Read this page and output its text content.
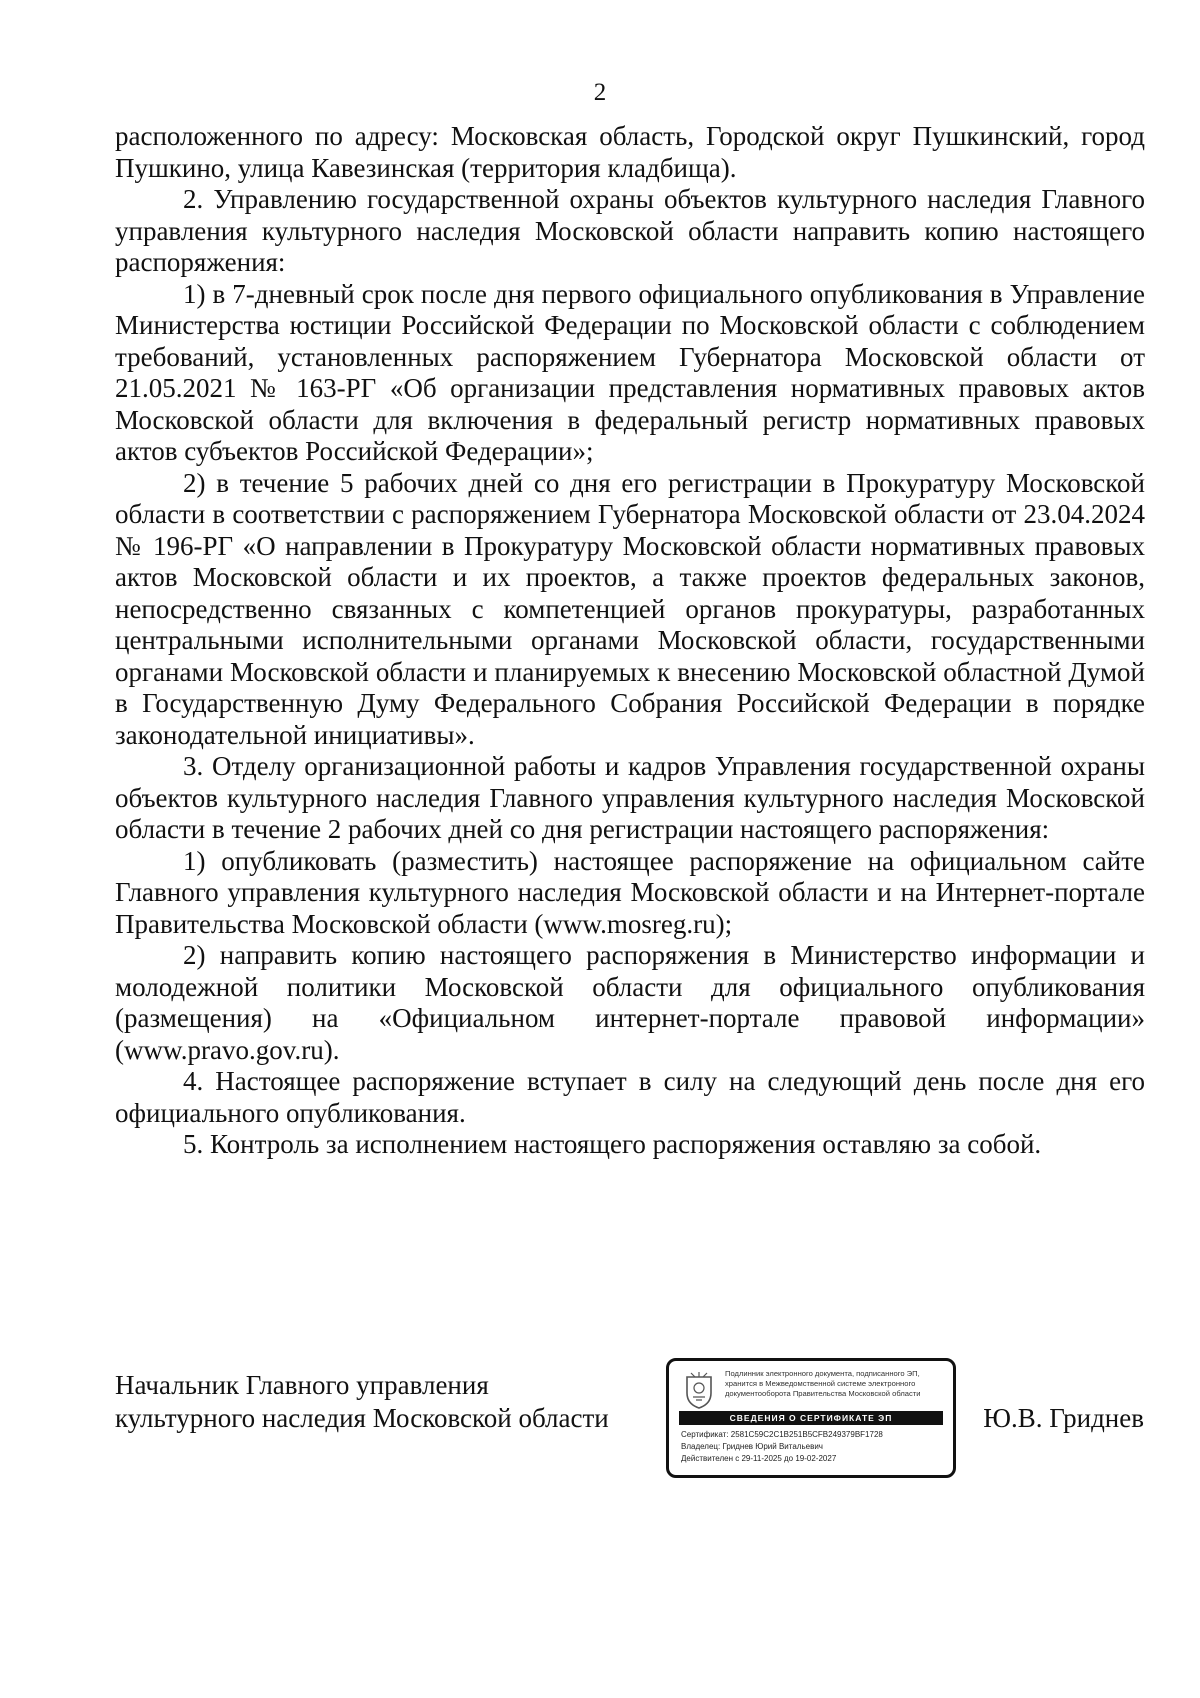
2

расположенного по адресу: Московская область, Городской округ Пушкинский, город Пушкино, улица Кавезинская (территория кладбища).

2. Управлению государственной охраны объектов культурного наследия Главного управления культурного наследия Московской области направить копию настоящего распоряжения:

1) в 7-дневный срок после дня первого официального опубликования в Управление Министерства юстиции Российской Федерации по Московской области с соблюдением требований, установленных распоряжением Губернатора Московской области от 21.05.2021 № 163-РГ «Об организации представления нормативных правовых актов Московской области для включения в федеральный регистр нормативных правовых актов субъектов Российской Федерации»;

2) в течение 5 рабочих дней со дня его регистрации в Прокуратуру Московской области в соответствии с распоряжением Губернатора Московской области от 23.04.2024 № 196-РГ «О направлении в Прокуратуру Московской области нормативных правовых актов Московской области и их проектов, а также проектов федеральных законов, непосредственно связанных с компетенцией органов прокуратуры, разработанных центральными исполнительными органами Московской области, государственными органами Московской области и планируемых к внесению Московской областной Думой в Государственную Думу Федерального Собрания Российской Федерации в порядке законодательной инициативы».

3. Отделу организационной работы и кадров Управления государственной охраны объектов культурного наследия Главного управления культурного наследия Московской области в течение 2 рабочих дней со дня регистрации настоящего распоряжения:

1) опубликовать (разместить) настоящее распоряжение на официальном сайте Главного управления культурного наследия Московской области и на Интернет-портале Правительства Московской области (www.mosreg.ru);

2) направить копию настоящего распоряжения в Министерство информации и молодежной политики Московской области для официального опубликования (размещения) на «Официальном интернет-портале правовой информации» (www.pravo.gov.ru).

4. Настоящее распоряжение вступает в силу на следующий день после дня его официального опубликования.

5. Контроль за исполнением настоящего распоряжения оставляю за собой.

Начальник Главного управления
культурного наследия Московской области	Ю.В. Гриднев
Подлинник электронного документа, подписанного ЭП,
хранится в Межведомственной системе электронного
документооборота Правительства Московской области
СВЕДЕНИЯ О СЕРТИФИКАТЕ ЭП
Сертификат: 2581C59C2C1B251B5CFB249379BF1728
Владелец: Гриднев Юрий Витальевич
Действителен с 29-11-2025 до 19-02-2027
